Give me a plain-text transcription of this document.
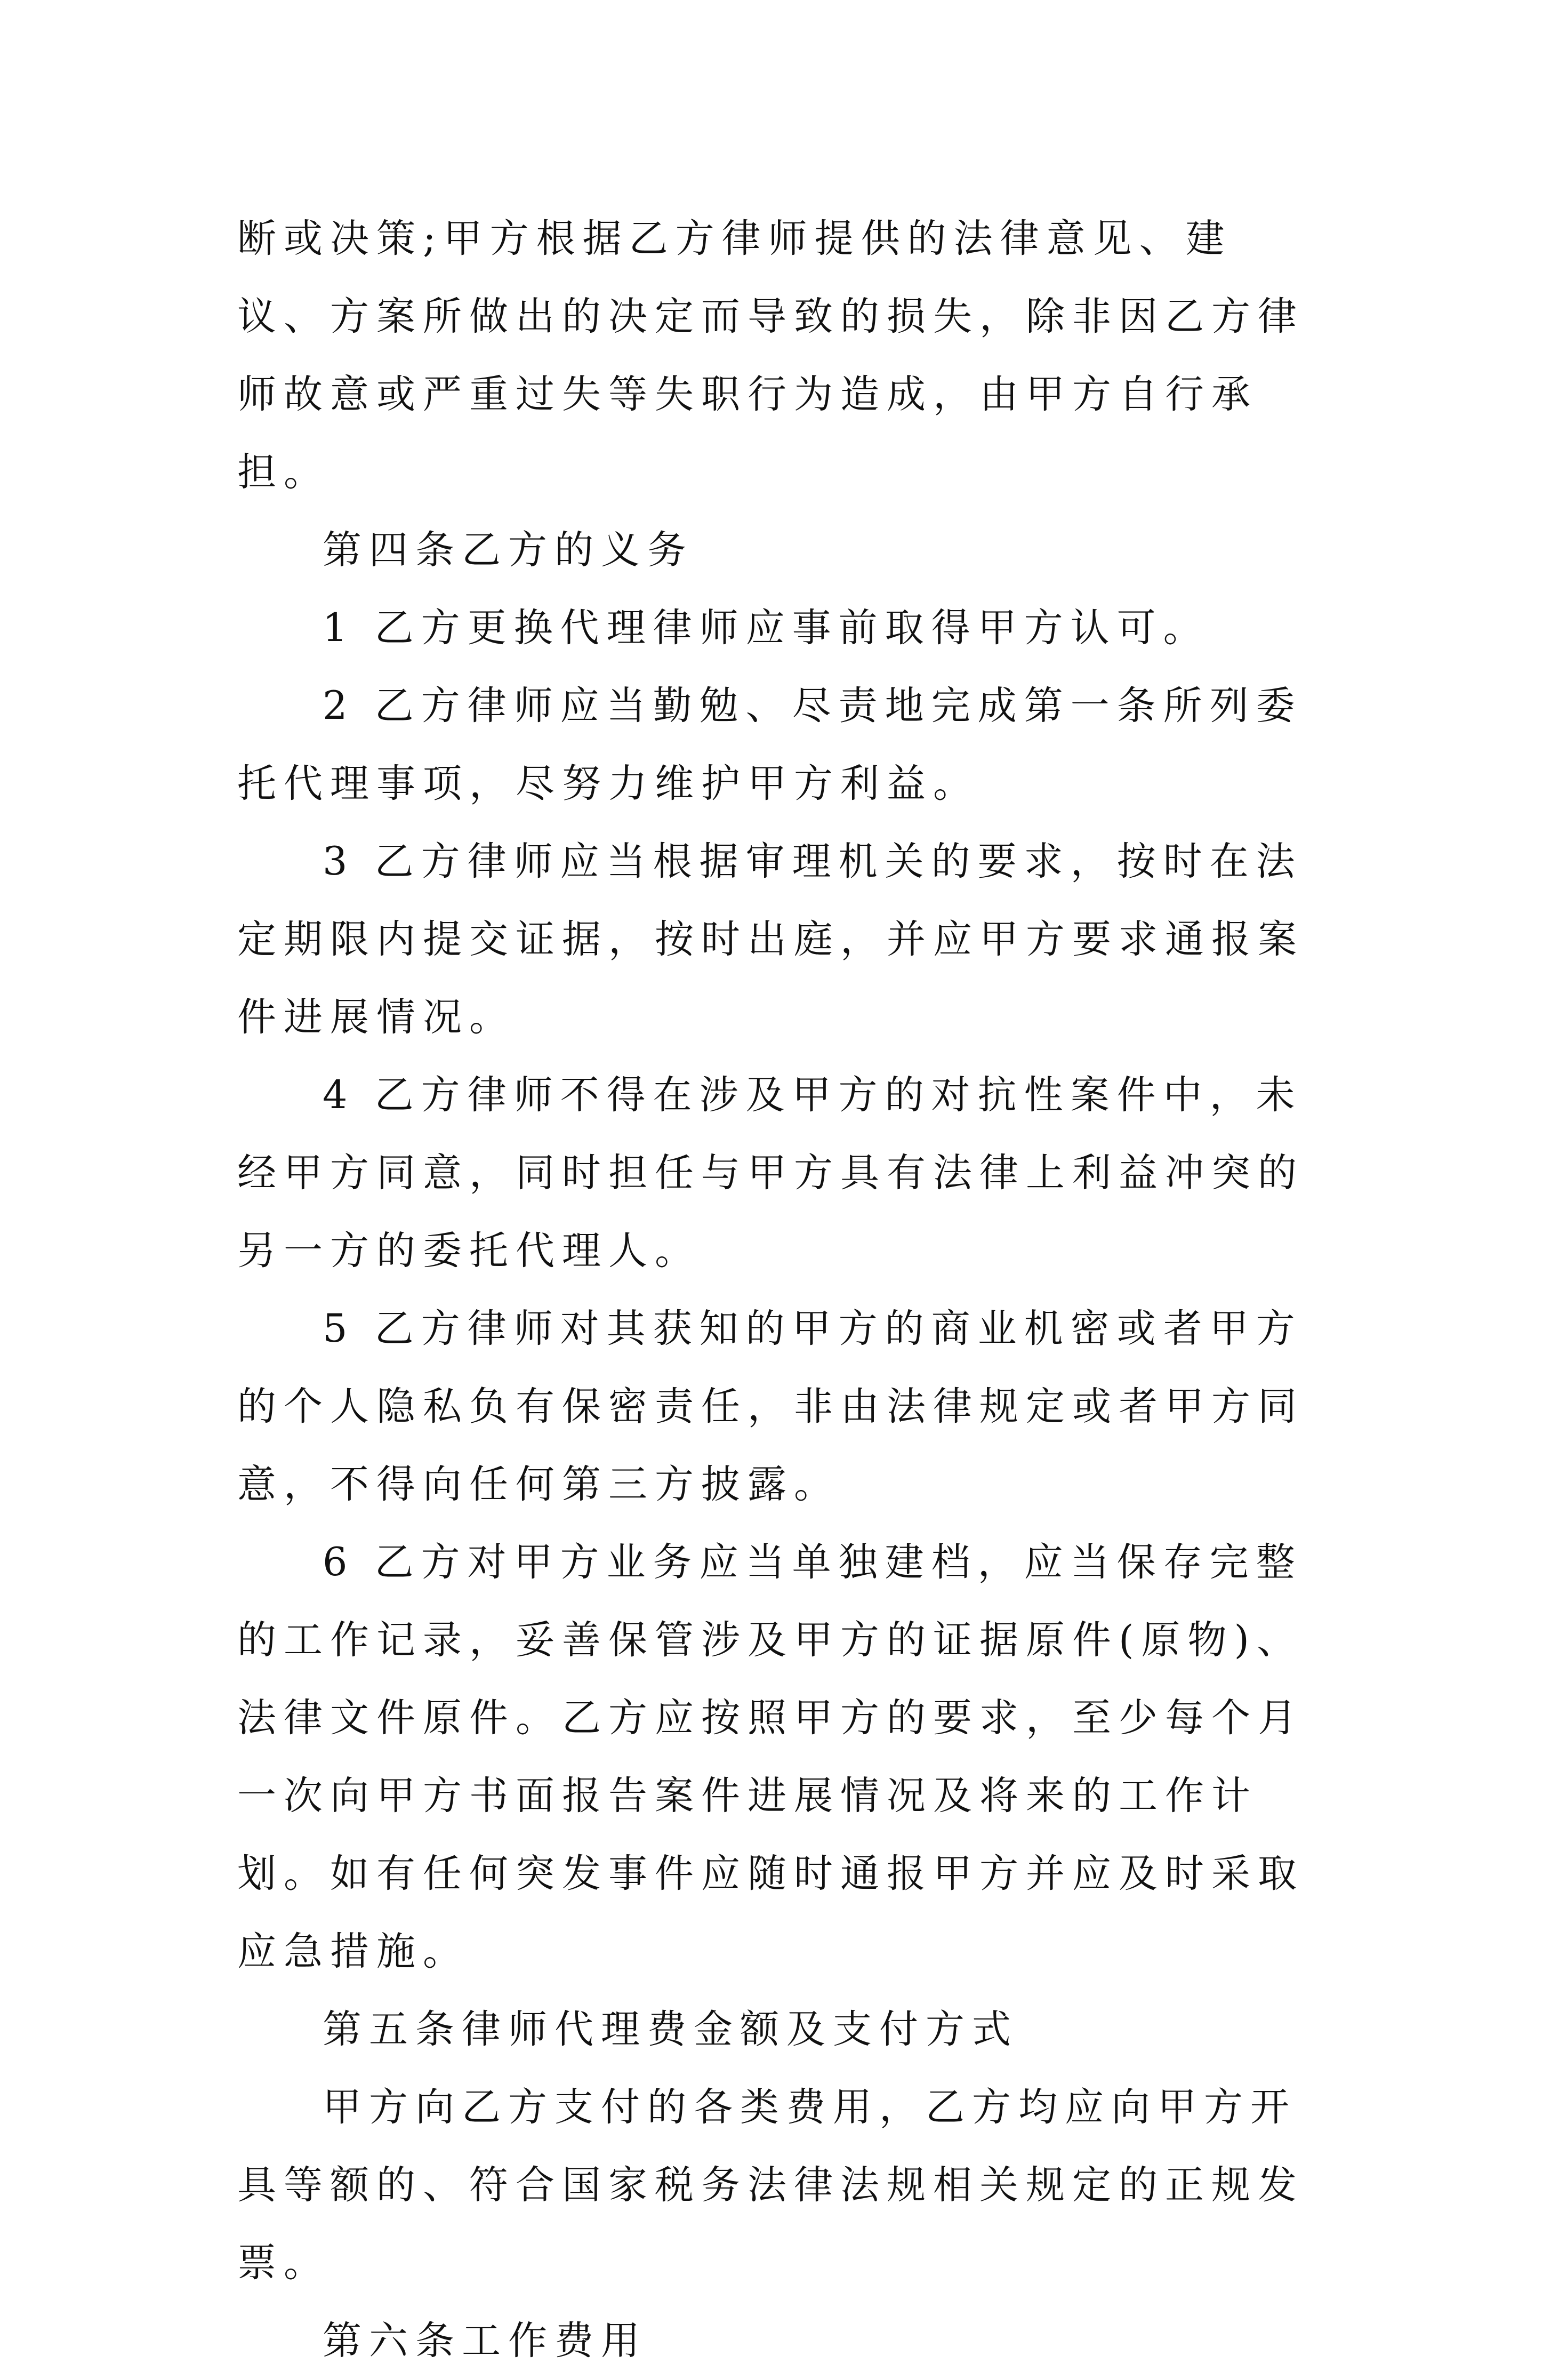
断或决策;甲方根据乙方律师提供的法律意见、建议、方案所做出的决定而导致的损失，除非因乙方律师故意或严重过失等失职行为造成，由甲方自行承担。

第四条乙方的义务

1 乙方更换代理律师应事前取得甲方认可。

2 乙方律师应当勤勉、尽责地完成第一条所列委托代理事项，尽努力维护甲方利益。

3 乙方律师应当根据审理机关的要求，按时在法定期限内提交证据，按时出庭，并应甲方要求通报案件进展情况。

4 乙方律师不得在涉及甲方的对抗性案件中，未经甲方同意，同时担任与甲方具有法律上利益冲突的另一方的委托代理人。

5 乙方律师对其获知的甲方的商业机密或者甲方的个人隐私负有保密责任，非由法律规定或者甲方同意，不得向任何第三方披露。

6 乙方对甲方业务应当单独建档，应当保存完整的工作记录，妥善保管涉及甲方的证据原件(原物)、法律文件原件。乙方应按照甲方的要求，至少每个月一次向甲方书面报告案件进展情况及将来的工作计划。如有任何突发事件应随时通报甲方并应及时采取应急措施。

第五条律师代理费金额及支付方式

甲方向乙方支付的各类费用，乙方均应向甲方开具等额的、符合国家税务法律法规相关规定的正规发票。

第六条工作费用
